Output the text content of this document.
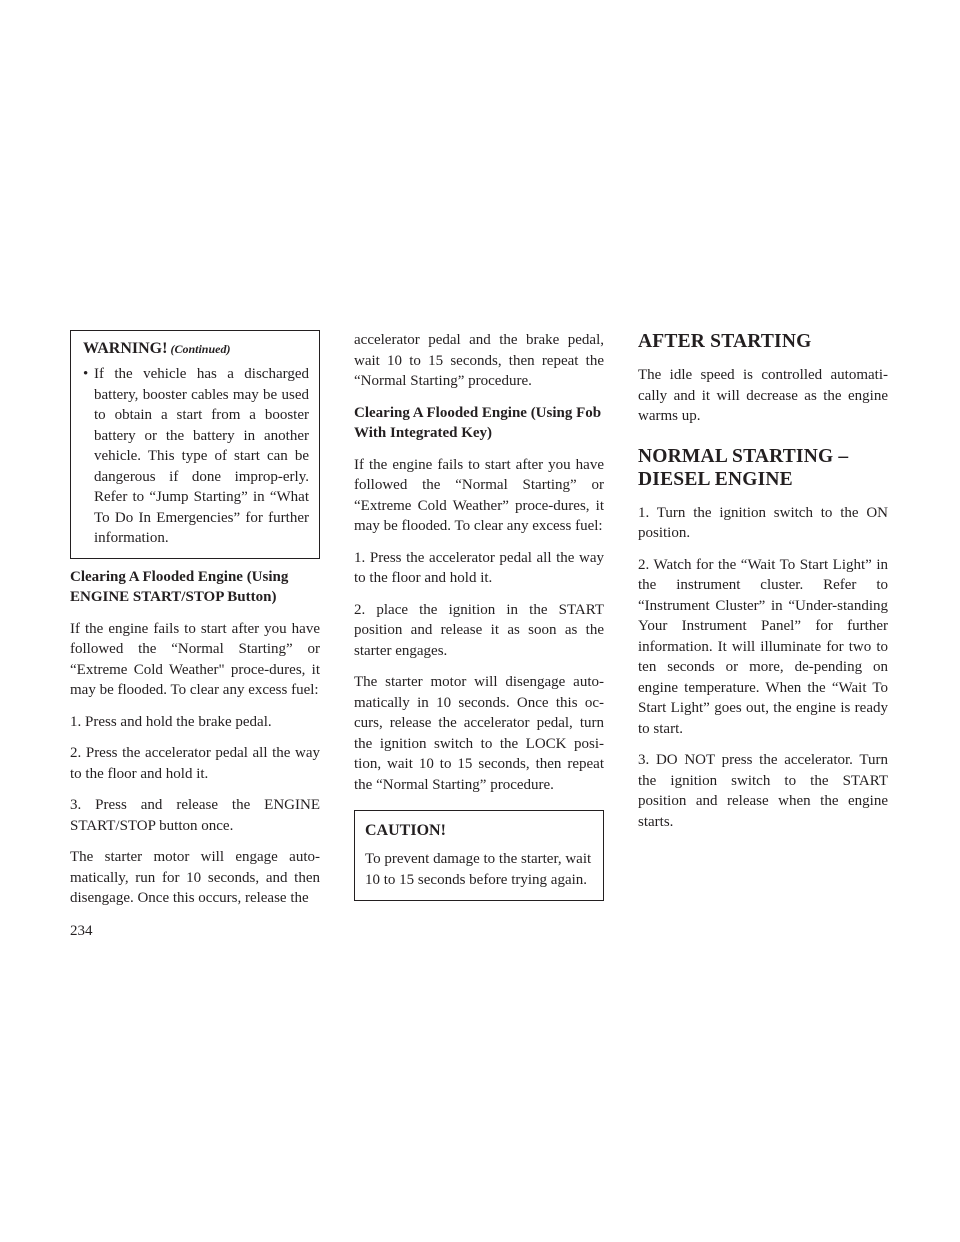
WARNING! (Continued)
• If the vehicle has a discharged battery, booster cables may be used to obtain a start from a booster battery or the battery in another vehicle. This type of start can be dangerous if done improp-erly. Refer to “Jump Starting” in “What To Do In Emergencies” for further information.
Clearing A Flooded Engine (Using ENGINE START/STOP Button)

If the engine fails to start after you have followed the “Normal Starting” or “Extreme Cold Weather" proce-dures, it may be flooded. To clear any excess fuel:

1. Press and hold the brake pedal.

2. Press the accelerator pedal all the way to the floor and hold it.

3. Press and release the ENGINE START/STOP button once.

The starter motor will engage auto-matically, run for 10 seconds, and then disengage. Once this occurs, release the

accelerator pedal and the brake pedal, wait 10 to 15 seconds, then repeat the “Normal Starting” procedure.

Clearing A Flooded Engine (Using Fob With Integrated Key)

If the engine fails to start after you have followed the “Normal Starting” or “Extreme Cold Weather” proce-dures, it may be flooded. To clear any excess fuel:

1. Press the accelerator pedal all the way to the floor and hold it.

2. place the ignition in the START position and release it as soon as the starter engages.

The starter motor will disengage auto-matically in 10 seconds. Once this oc-curs, release the accelerator pedal, turn the ignition switch to the LOCK posi-tion, wait 10 to 15 seconds, then repeat the “Normal Starting” procedure.

CAUTION!

To prevent damage to the starter, wait 10 to 15 seconds before trying again.

AFTER STARTING

The idle speed is controlled automati-cally and it will decrease as the engine warms up.

NORMAL STARTING –
DIESEL ENGINE

1. Turn the ignition switch to the ON position.

2. Watch for the “Wait To Start Light” in the instrument cluster. Refer to “Instrument Cluster” in “Under-standing Your Instrument Panel” for further information. It will illuminate for two to ten seconds or more, de-pending on engine temperature. When the “Wait To Start Light” goes out, the engine is ready to start.

3. DO NOT press the accelerator. Turn the ignition switch to the START position and release when the engine starts.

234
